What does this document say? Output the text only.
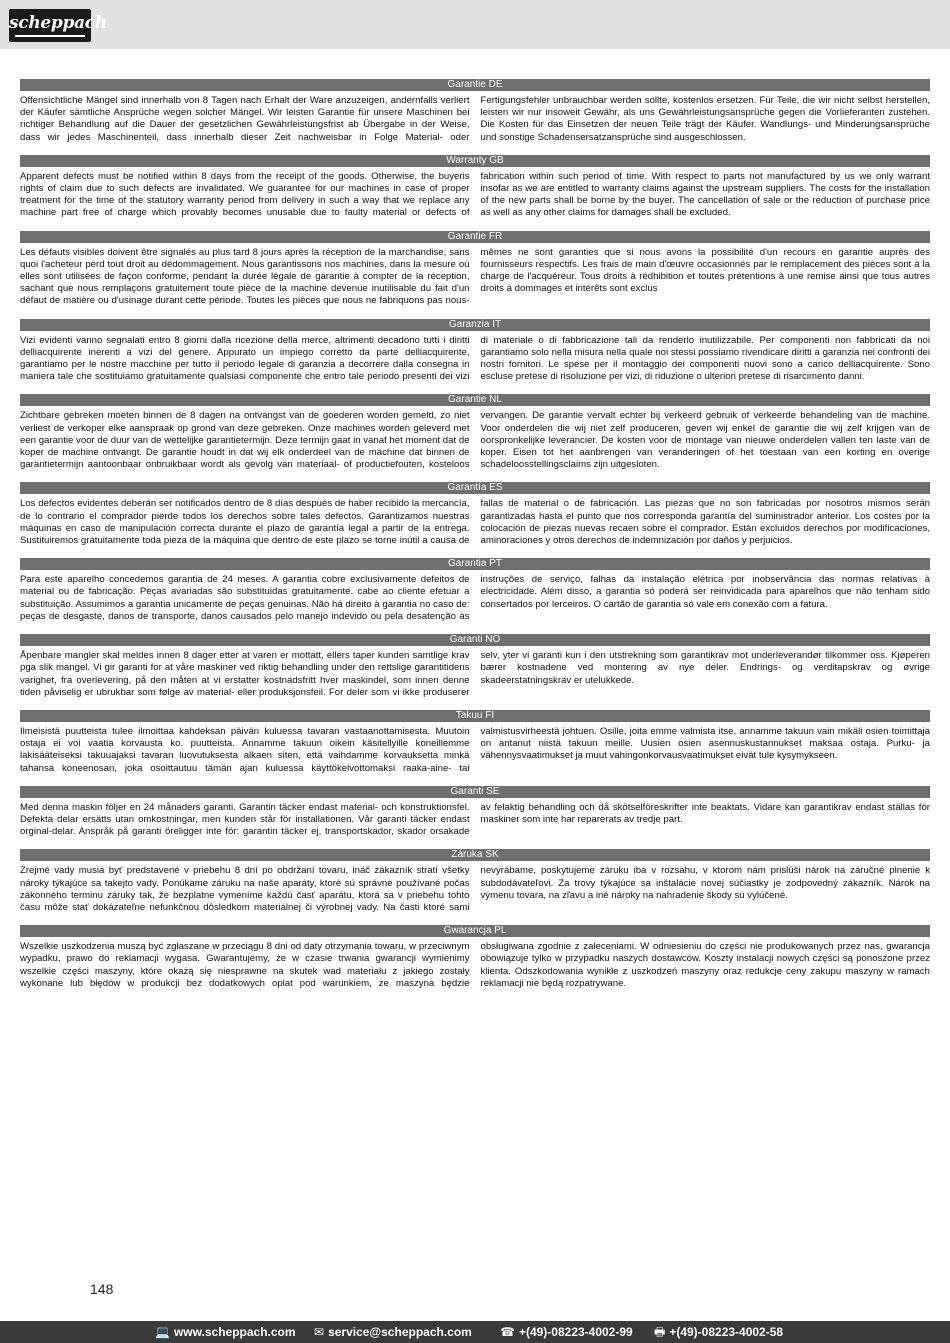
scheppach
Garantie DE
Offensichtliche Mängel sind innerhalb von 8 Tagen nach Erhalt der Ware anzuzeigen, andernfalls verliert der Käufer sämtliche Ansprüche wegen solcher Mängel. Wir leisten Garantie für unsere Maschinen bei richtiger Behandlung auf die Dauer der gesetzlichen Gewährleistungsfrist ab Übergabe in der Weise, dass wir jedes Maschinenteil, dass innerhalb dieser Zeit nachweisbar in Folge Material- oder Fertigungsfehler unbrauchbar werden sollte, kostenlos ersetzen. Für Teile, die wir nicht selbst herstellen, leisten wir nur insoweit Gewähr, als uns Gewährleistungsansprüche gegen die Vorlieferanten zustehen. Die Kosten für das Einsetzen der neuen Teile trägt der Käufer. Wandlungs- und Minderungsansprüche und sonstige Schadensersatzansprüche sind ausgeschlossen.
Warranty GB
Apparent defects must be notified within 8 days from the receipt of the goods. Otherwise, the buyeris rights of claim due to such defects are invalidated. We guarantee for our machines in case of proper treatment for the time of the statutory warranty period from delivery in such a way that we replace any machine part free of charge which provably becomes unusable due to faulty material or defects of fabrication within such period of time. With respect to parts not manufactured by us we only warrant insofar as we are entitled to warranty claims against the upstream suppliers. The costs for the installation of the new parts shall be borne by the buyer. The cancellation of sale or the reduction of purchase price as well as any other claims for damages shall be excluded.
Garantie FR
Les défauts visibles doivent être signalés au plus tard 8 jours après la réception de la marchandise, sans quoi l'acheteur perd tout droit au dédommagement. Nous garantissons nos machines, dans la mesure où elles sont utilisées de façon conforme, pendant la durée légale de garantie à compter de la réception, sachant que nous remplaçons gratuitement toute pièce de la machine devenue inutilisable du fait d'un défaut de matière ou d'usinage durant cette période. Toutes les pièces que nous ne fabriquons pas nous-mêmes ne sont garanties que si nous avons la possibilité d'un recours en garantie auprès des fournisseurs respectifs. Les frais de main d'œuvre occasionnés par le remplacement des pièces sont à la charge de l'acquéreur. Tous droits à rédhibition et toutes prétentions à une remise ainsi que tous autres droits à dommages et intérêts sont exclus
Garanzia IT
Vizi evidenti vanno segnalati entro 8 giorni dalla ricezione della merce, altrimenti decadono tutti i diritti delliacquirente inerenti a vizi del genere. Appurato un impiego corretto da parte delliacquirente, garantiamo per le nostre macchine per tutto il periodo legale di garanzia a decorrere dalla consegna in maniera tale che sostituiamo gratuitamente qualsiasi componente che entro tale periodo presenti dei vizi di materiale o di fabbricazione tali da renderlo inutilizzabile. Per componenti non fabbricati da noi garantiamo solo nella misura nella quale noi stessi possiamo rivendicare diritti a garanzia nei confronti dei nostri fornitori. Le spese per il montaggio dei componenti nuovi sono a carico delliacquirente. Sono escluse pretese di risoluzione per vizi, di riduzione o ulteriori pretese di risarcimento danni.
Garantie NL
Zichtbare gebreken moeten binnen de 8 dagen na ontvangst van de goederen worden gemeld, zo niet verliest de verkoper elke aanspraak op grond van deze gebreken. Onze machines worden geleverd met een garantie voor de duur van de wettelijke garantietermijn. Deze termijn gaat in vanaf het moment dat de koper de machine ontvangt. De garantie houdt in dat wij elk onderdeel van de machine dat binnen de garantietermijn aantoonbaar onbruikbaar wordt als gevolg van materiaal- of productiefouten, kosteloos vervangen. De garantie vervalt echter bij verkeerd gebruik of verkeerde behandeling van de machine. Voor onderdelen die wij niet zelf produceren, geven wij enkel de garantie die wij zelf krijgen van de oorspronkelijke leverancier. De kosten voor de montage van nieuwe onderdelen vallen ten laste van de koper. Eisen tot het aanbrengen van veranderingen of het toestaan van een korting en overige schadeloosstellingsclaims zijn uitgesloten.
Garantía ES
Los defectos evidentes deberán ser notificados dentro de 8 días después de haber recibido la mercancía, de lo contrario el comprador pierde todos los derechos sobre tales defectos. Garantizamos nuestras máquinas en caso de manipulación correcta durante el plazo de garantía legal a partir de la entrega. Sustituiremos gratuitamente toda pieza de la máquina que dentro de este plazo se torne inútil a causa de fallas de material o de fabricación. Las piezas que no son fabricadas por nosotros mismos serán garantizadas hasta el punto que nos corresponda garantía del suministrador anterior. Los costes por la colocación de piezas nuevas recaen sobre el comprador. Están excluidos derechos por modificaciones, aminoraciones y otros derechos de indemnización por daños y perjuicios.
Garantia PT
Para este aparelho concedemos garantia de 24 meses. A garantia cobre exclusivamente defeitos de material ou de fabricação. Peças avariadas são substituidas gratuitamente. cabe ao cliente efetuar a substituição. Assumimos a garantia unicamente de peças genuinas. Não há direito à garantia no caso de: peças de desgaste, danos de transporte, danos causados pelo manejo indevido ou pela desatenção às instruções de serviço, falhas da instalação elétrica por inobservância das normas relativas à electricidade. Além disso, a garantia só poderá ser reinvidicada para aparelhos que não tenham sido consertados por lerceiros. O cartão de garantia só vale em conexão com a fatura.
Garanti NO
Åpenbare mangler skal meldes innen 8 dager etter at varen er mottatt, ellers taper kunden samtlige krav pga slik mangel. Vi gir garanti for at våre maskiner ved riktig behandling under den rettslige garantitidens varighet, fra overlevering, på den måten at vi erstatter kostnadsfritt hver maskindel, som innen denne tiden påviselig er ubrukbar som følge av material- eller produksjonsfeil. For deler som vi ikke produserer selv, yter vi garanti kun i den utstrekning som garantikrav mot underleverandør tilkommer oss. Kjøperen bærer kostnadene ved montering av nye deler. Endrings- og verditapskrav og øvrige skadeerstatningskrav er utelukkede.
Takuu FI
Ilmeisistä puutteista tulee ilmoittaa kahdeksan päivän kuluessa tavaran vastaanottamisesta. Muutoin ostaja ei voi vaatia korvausta ko. puutteista. Annamme takuun oikein käsitellyille koneillemme lakisääteiseksi takuuajaksi tavaran luovutuksesta alkaen siten, että vaihdamme korvauksetta minkä tahansa koneenosan, joka osoittautuu tämän ajan kuluessa käyttökelvottomaksi raaka-aine- tai valmistusvirheestä johtuen. Osille, joita emme valmista itse, annamme takuun vain mikäli osien toimittaja on antanut niistä takuun meille. Uusien osien asennuskustannukset maksaa ostaja. Purku- ja vähennysvaatimukset ja muut vahingonkorvausvaatimukset eivät tule kysymykseen.
Garanti SE
Med denna maskin följer en 24 månaders garanti. Garantin täcker endast material- och konstruktionsfel. Defekta delar ersätts utan omkostningar, men kunden står för installationen. Vår garanti täcker endast orginal-delar. Anspråk på garanti öreligger inte för: garantin täcker ej, transportskador, skador orsakade av felaktig behandling och då skötselföreskrifter inte beaktats. Vidare kan garantikrav endast ställas för maskiner som inte har reparerats av tredje part.
Záruka SK
Zrejmé vady musia byť predstavené v priebehu 8 dní po obdržaní tovaru, ináč zákazník stratí všetky nároky týkajúce sa takejto vady. Ponúkame záruku na naše aparáty, ktoré sú správne používané počas zákonného terminu záruky tak, že bezplatne vymeníme každú časť aparátu, ktorá sa v priebehu tohto času môže stať dokázateľne nefunkčnou dôsledkom materiálnej či výrobnej vady. Na časti ktoré sami nevyrábame, poskytujeme záruku iba v rozsahu, v ktorom nám prislúši nárok na záručné plnenie k subdodávateľovi. Za trovy týkajúce sa inštalácie novej súčiastky je zodpovedný zákazník. Nárok na výmenu tovara, na zľavu a iné nároky na nahradenie škody sú vylúčené.
Gwarancja PL
Wszelkie uszkodzenia muszą być zgłaszane w przeciągu 8 dni od daty otrzymania towaru, w przeciwnym wypadku, prawo do reklamacji wygasa. Gwarantujemy, że w czasie trwania gwarancji wymienimy wszelkie części maszyny, które okażą się niesprawne na skutek wad materiału z jakiego zostały wykonane lub błędów w produkcji bez dodatkowych oplat pod warunkiem, że maszyna będzie obsługiwana zgodnie z zaleceniami. W odniesieniu do części nie produkowanych przez nas, gwarancja obowiązuje tylko w przypadku naszych dostawców. Koszty instalacji nowych części są ponoszone przez klienta. Odszkodowania wynikłe z uszkodzeń maszyny oraz redukcje ceny zakupu maszyny w ramach reklamacji nie będą rozpatrywane.
148
💻 www.scheppach.com ✉ service@scheppach.com ☎ +(49)-08223-4002-99 🖶 +(49)-08223-4002-58
